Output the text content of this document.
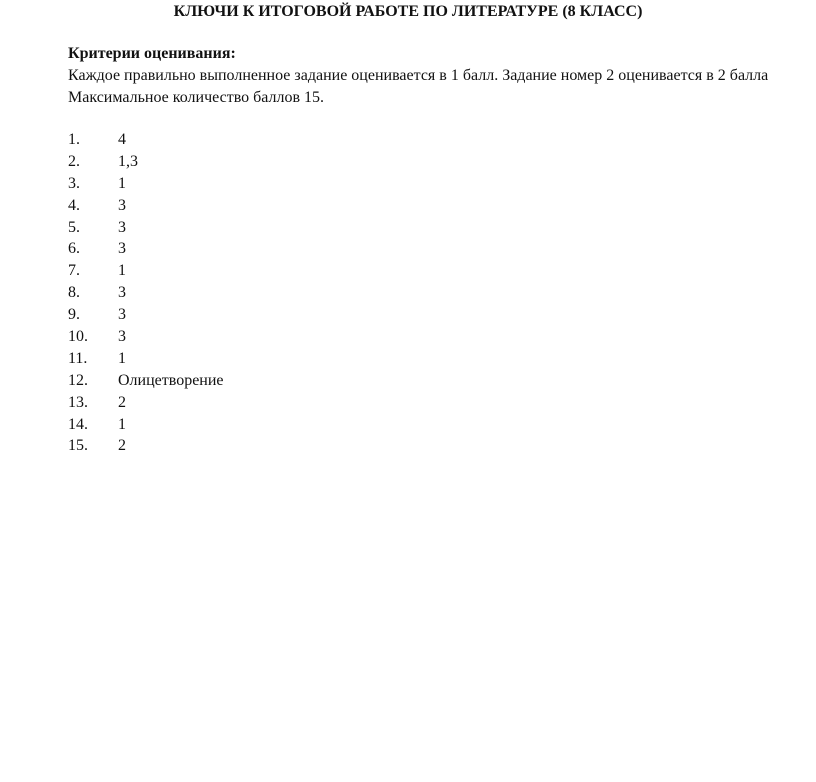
КЛЮЧИ К ИТОГОВОЙ РАБОТЕ ПО ЛИТЕРАТУРЕ (8 КЛАСС)
Критерии оценивания:
Каждое правильно выполненное задание оценивается в 1 балл. Задание номер 2 оценивается в 2 балла
Максимальное количество баллов 15.
1. 4
2. 1,3
3. 1
4. 3
5. 3
6. 3
7. 1
8. 3
9. 3
10. 3
11. 1
12. Олицетворение
13. 2
14. 1
15. 2
